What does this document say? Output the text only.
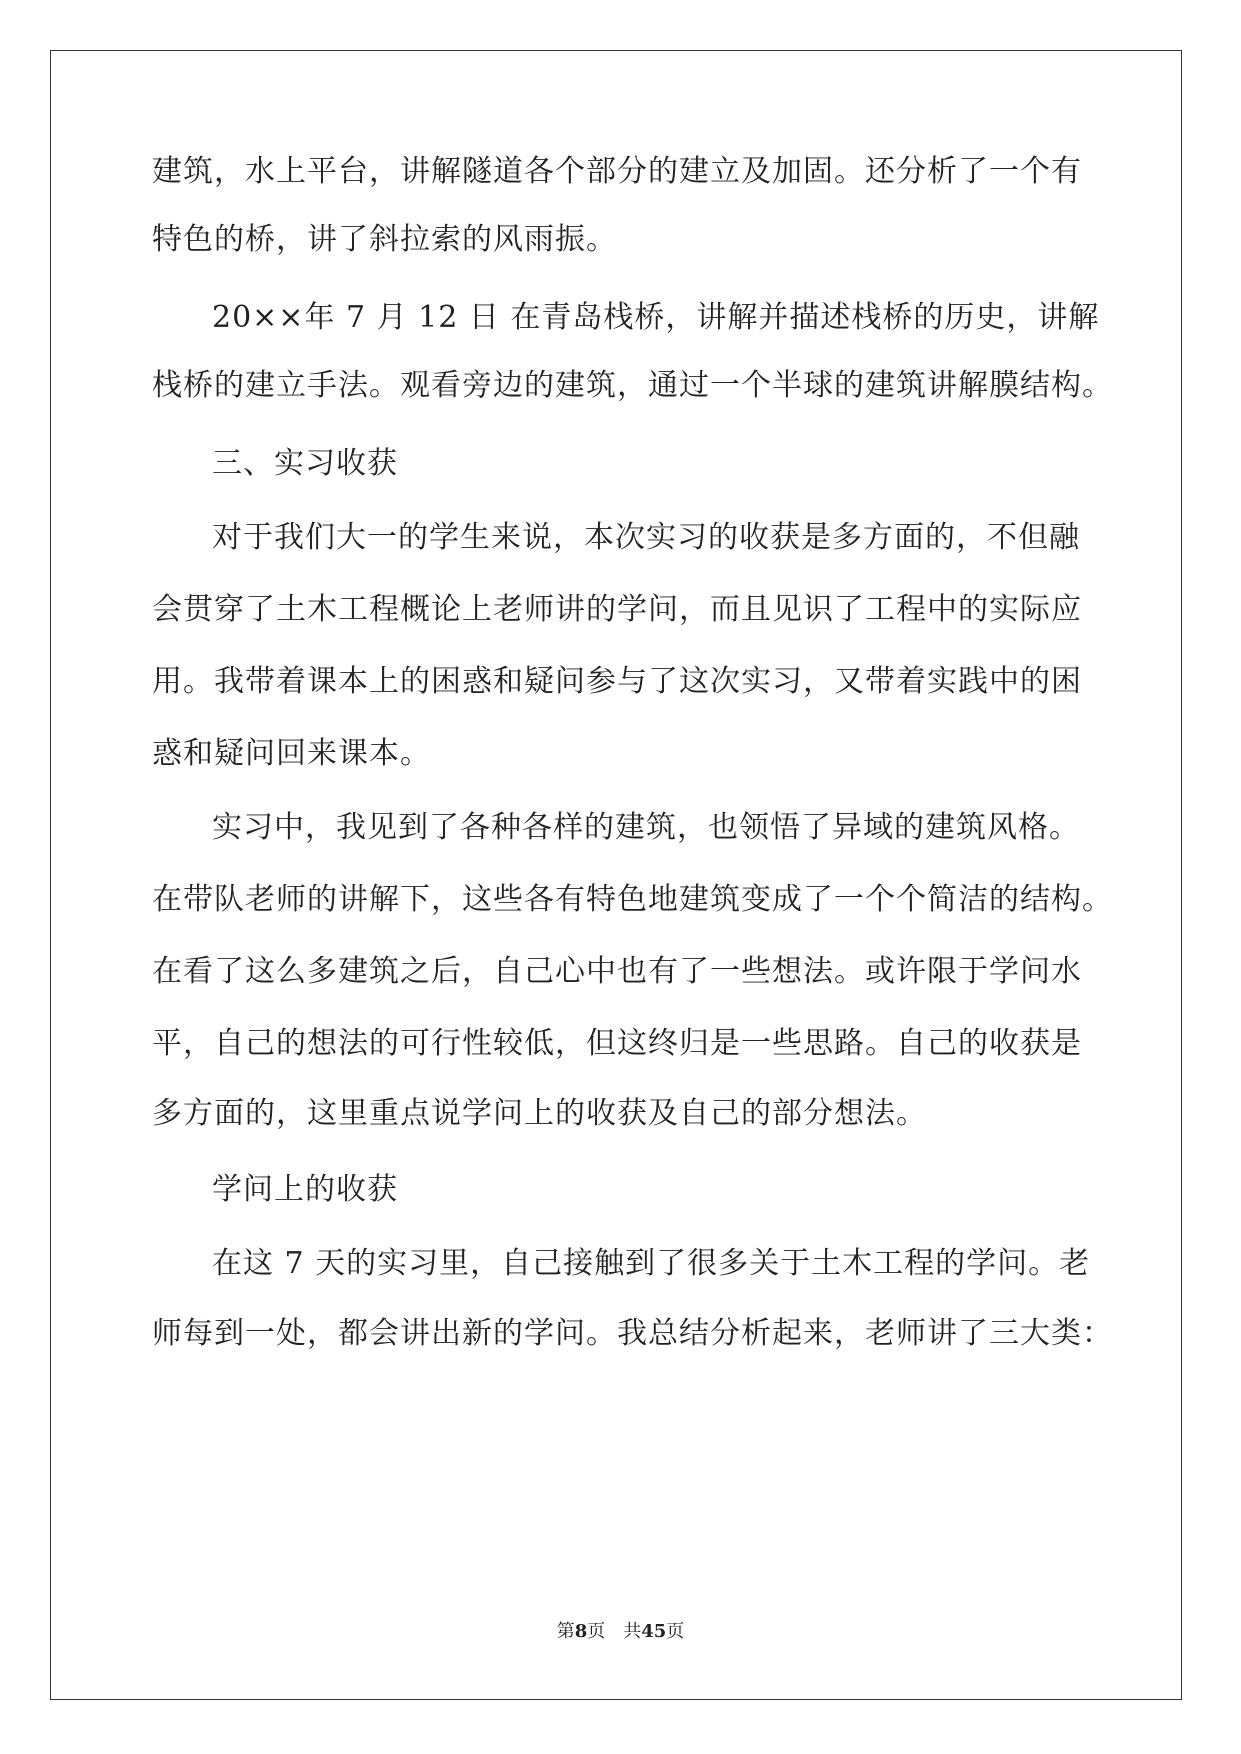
建筑，水上平台，讲解隧道各个部分的建立及加固。还分析了一个有
特色的桥，讲了斜拉索的风雨振。
20××年 7 月 12 日 在青岛栈桥，讲解并描述栈桥的历史，讲解
栈桥的建立手法。观看旁边的建筑，通过一个半球的建筑讲解膜结构。
三、实习收获
对于我们大一的学生来说，本次实习的收获是多方面的，不但融
会贯穿了土木工程概论上老师讲的学问，而且见识了工程中的实际应
用。我带着课本上的困惑和疑问参与了这次实习，又带着实践中的困
惑和疑问回来课本。
实习中，我见到了各种各样的建筑，也领悟了异域的建筑风格。
在带队老师的讲解下，这些各有特色地建筑变成了一个个简洁的结构。
在看了这么多建筑之后，自己心中也有了一些想法。或许限于学问水
平，自己的想法的可行性较低，但这终归是一些思路。自己的收获是
多方面的，这里重点说学问上的收获及自己的部分想法。
学问上的收获
在这 7 天的实习里，自己接触到了很多关于土木工程的学问。老
师每到一处，都会讲出新的学问。我总结分析起来，老师讲了三大类：
第8页　共45页
